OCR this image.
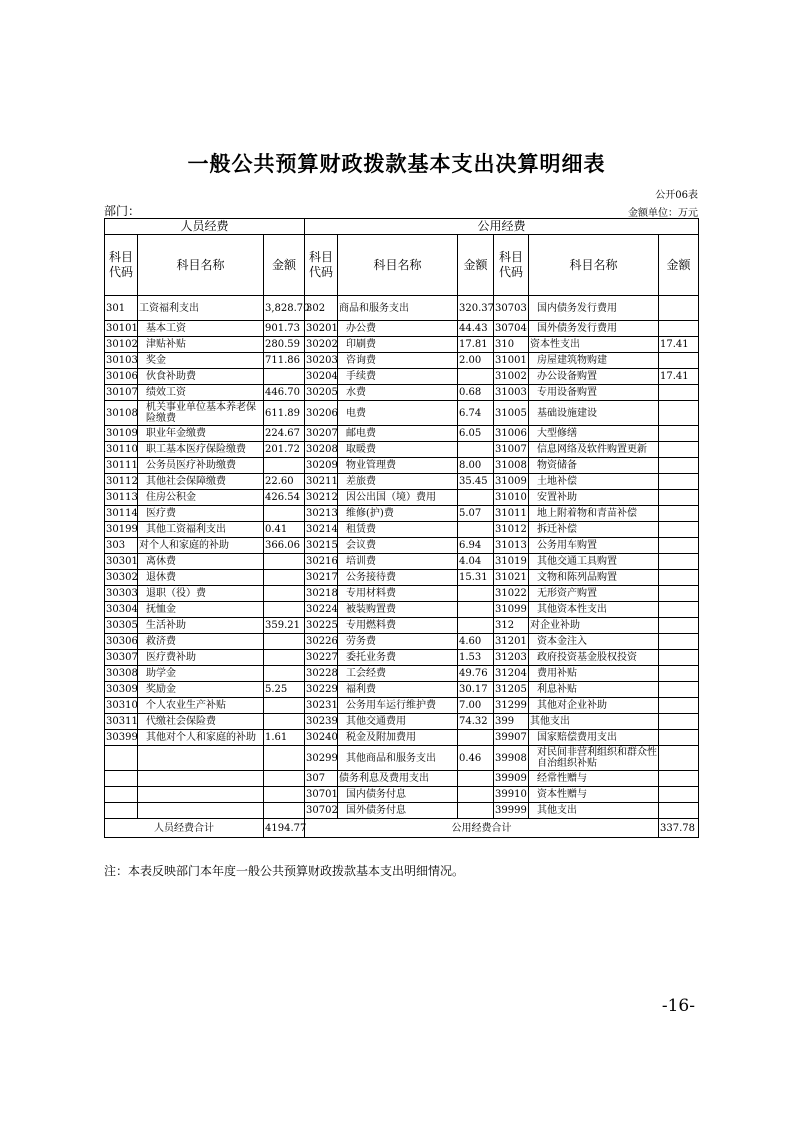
一般公共预算财政拨款基本支出决算明细表
公开06表
部门：	金额单位：万元
人员经费			公用经费					
科目代码	科目名称	金额	科目代码	科目名称	金额	科目代码	科目名称	金额
301	工资福利支出	3,828.70	302	商品和服务支出	320.37	30703	国内债务发行费用	
30101	基本工资	901.73	30201	办公费	44.43	30704	国外债务发行费用	
30102	津贴补贴	280.59	30202	印刷费	17.81	310	资本性支出	17.41
30103	奖金	711.86	30203	咨询费	2.00	31001	房屋建筑物购建	
30106	伙食补助费		30204	手续费		31002	办公设备购置	17.41
30107	绩效工资	446.70	30205	水费	0.68	31003	专用设备购置	
30108	机关事业单位基本养老保险缴费	611.89	30206	电费	6.74	31005	基础设施建设	
30109	职业年金缴费	224.67	30207	邮电费	6.05	31006	大型修缮	
30110	职工基本医疗保险缴费	201.72	30208	取暖费		31007	信息网络及软件购置更新	
30111	公务员医疗补助缴费		30209	物业管理费	8.00	31008	物资储备	
30112	其他社会保障缴费	22.60	30211	差旅费	35.45	31009	土地补偿	
30113	住房公积金	426.54	30212	因公出国（境）费用		31010	安置补助	
30114	医疗费		30213	维修(护)费	5.07	31011	地上附着物和青苗补偿	
30199	其他工资福利支出	0.41	30214	租赁费		31012	拆迁补偿	
303	对个人和家庭的补助	366.06	30215	会议费	6.94	31013	公务用车购置	
30301	离休费		30216	培训费	4.04	31019	其他交通工具购置	
30302	退休费		30217	公务接待费	15.31	31021	文物和陈列品购置	
30303	退职（役）费		30218	专用材料费		31022	无形资产购置	
30304	抚恤金		30224	被装购置费		31099	其他资本性支出	
30305	生活补助	359.21	30225	专用燃料费		312	对企业补助	
30306	救济费		30226	劳务费	4.60	31201	资本金注入	
30307	医疗费补助		30227	委托业务费	1.53	31203	政府投资基金股权投资	
30308	助学金		30228	工会经费	49.76	31204	费用补贴	
30309	奖励金	5.25	30229	福利费	30.17	31205	利息补贴	
30310	个人农业生产补贴		30231	公务用车运行维护费	7.00	31299	其他对企业补助	
30311	代缴社会保险费		30239	其他交通费用	74.32	399	其他支出	
30399	其他对个人和家庭的补助	1.61	30240	税金及附加费用		39907	国家赔偿费用支出	
			30299	其他商品和服务支出	0.46	39908	对民间非营利组织和群众性自治组织补贴	
			307	债务利息及费用支出		39909	经常性赠与	
			30701	国内债务付息		39910	资本性赠与	
			30702	国外债务付息		39999	其他支出	
人员经费合计		4194.77	公用经费合计					337.78
注：本表反映部门本年度一般公共预算财政拨款基本支出明细情况。
-16-
